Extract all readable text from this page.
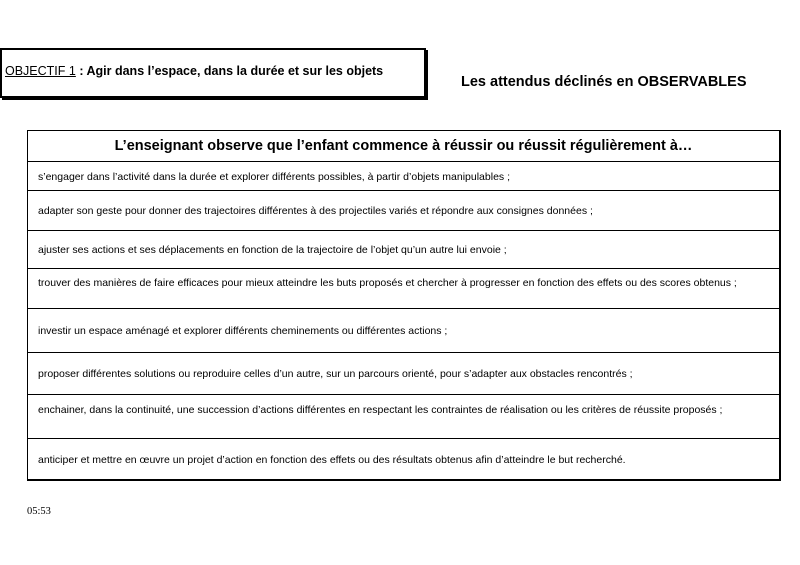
OBJECTIF 1 : Agir dans l’espace, dans la durée et sur les objets
Les attendus déclinés en OBSERVABLES
L’enseignant observe que l’enfant commence à réussir ou réussit régulièrement à…
s’engager dans l’activité dans la durée et explorer différents possibles, à partir d’objets manipulables ;
adapter son geste pour donner des trajectoires différentes à des projectiles variés et répondre aux consignes données ;
ajuster ses actions et ses déplacements en fonction de la trajectoire de l’objet qu’un autre lui envoie ;
trouver des manières de faire efficaces pour mieux atteindre les buts proposés et chercher à progresser en fonction des effets ou des scores obtenus ;
investir un espace aménagé et explorer différents cheminements ou différentes actions ;
proposer différentes solutions ou reproduire celles d’un autre, sur un parcours orienté, pour s’adapter aux obstacles rencontrés ;
enchainer, dans la continuité, une succession d’actions différentes en respectant les contraintes de réalisation ou les critères de réussite proposés ;
anticiper et mettre en œuvre un projet d’action en fonction des effets ou des résultats obtenus afin d’atteindre le but recherché.
05:53
